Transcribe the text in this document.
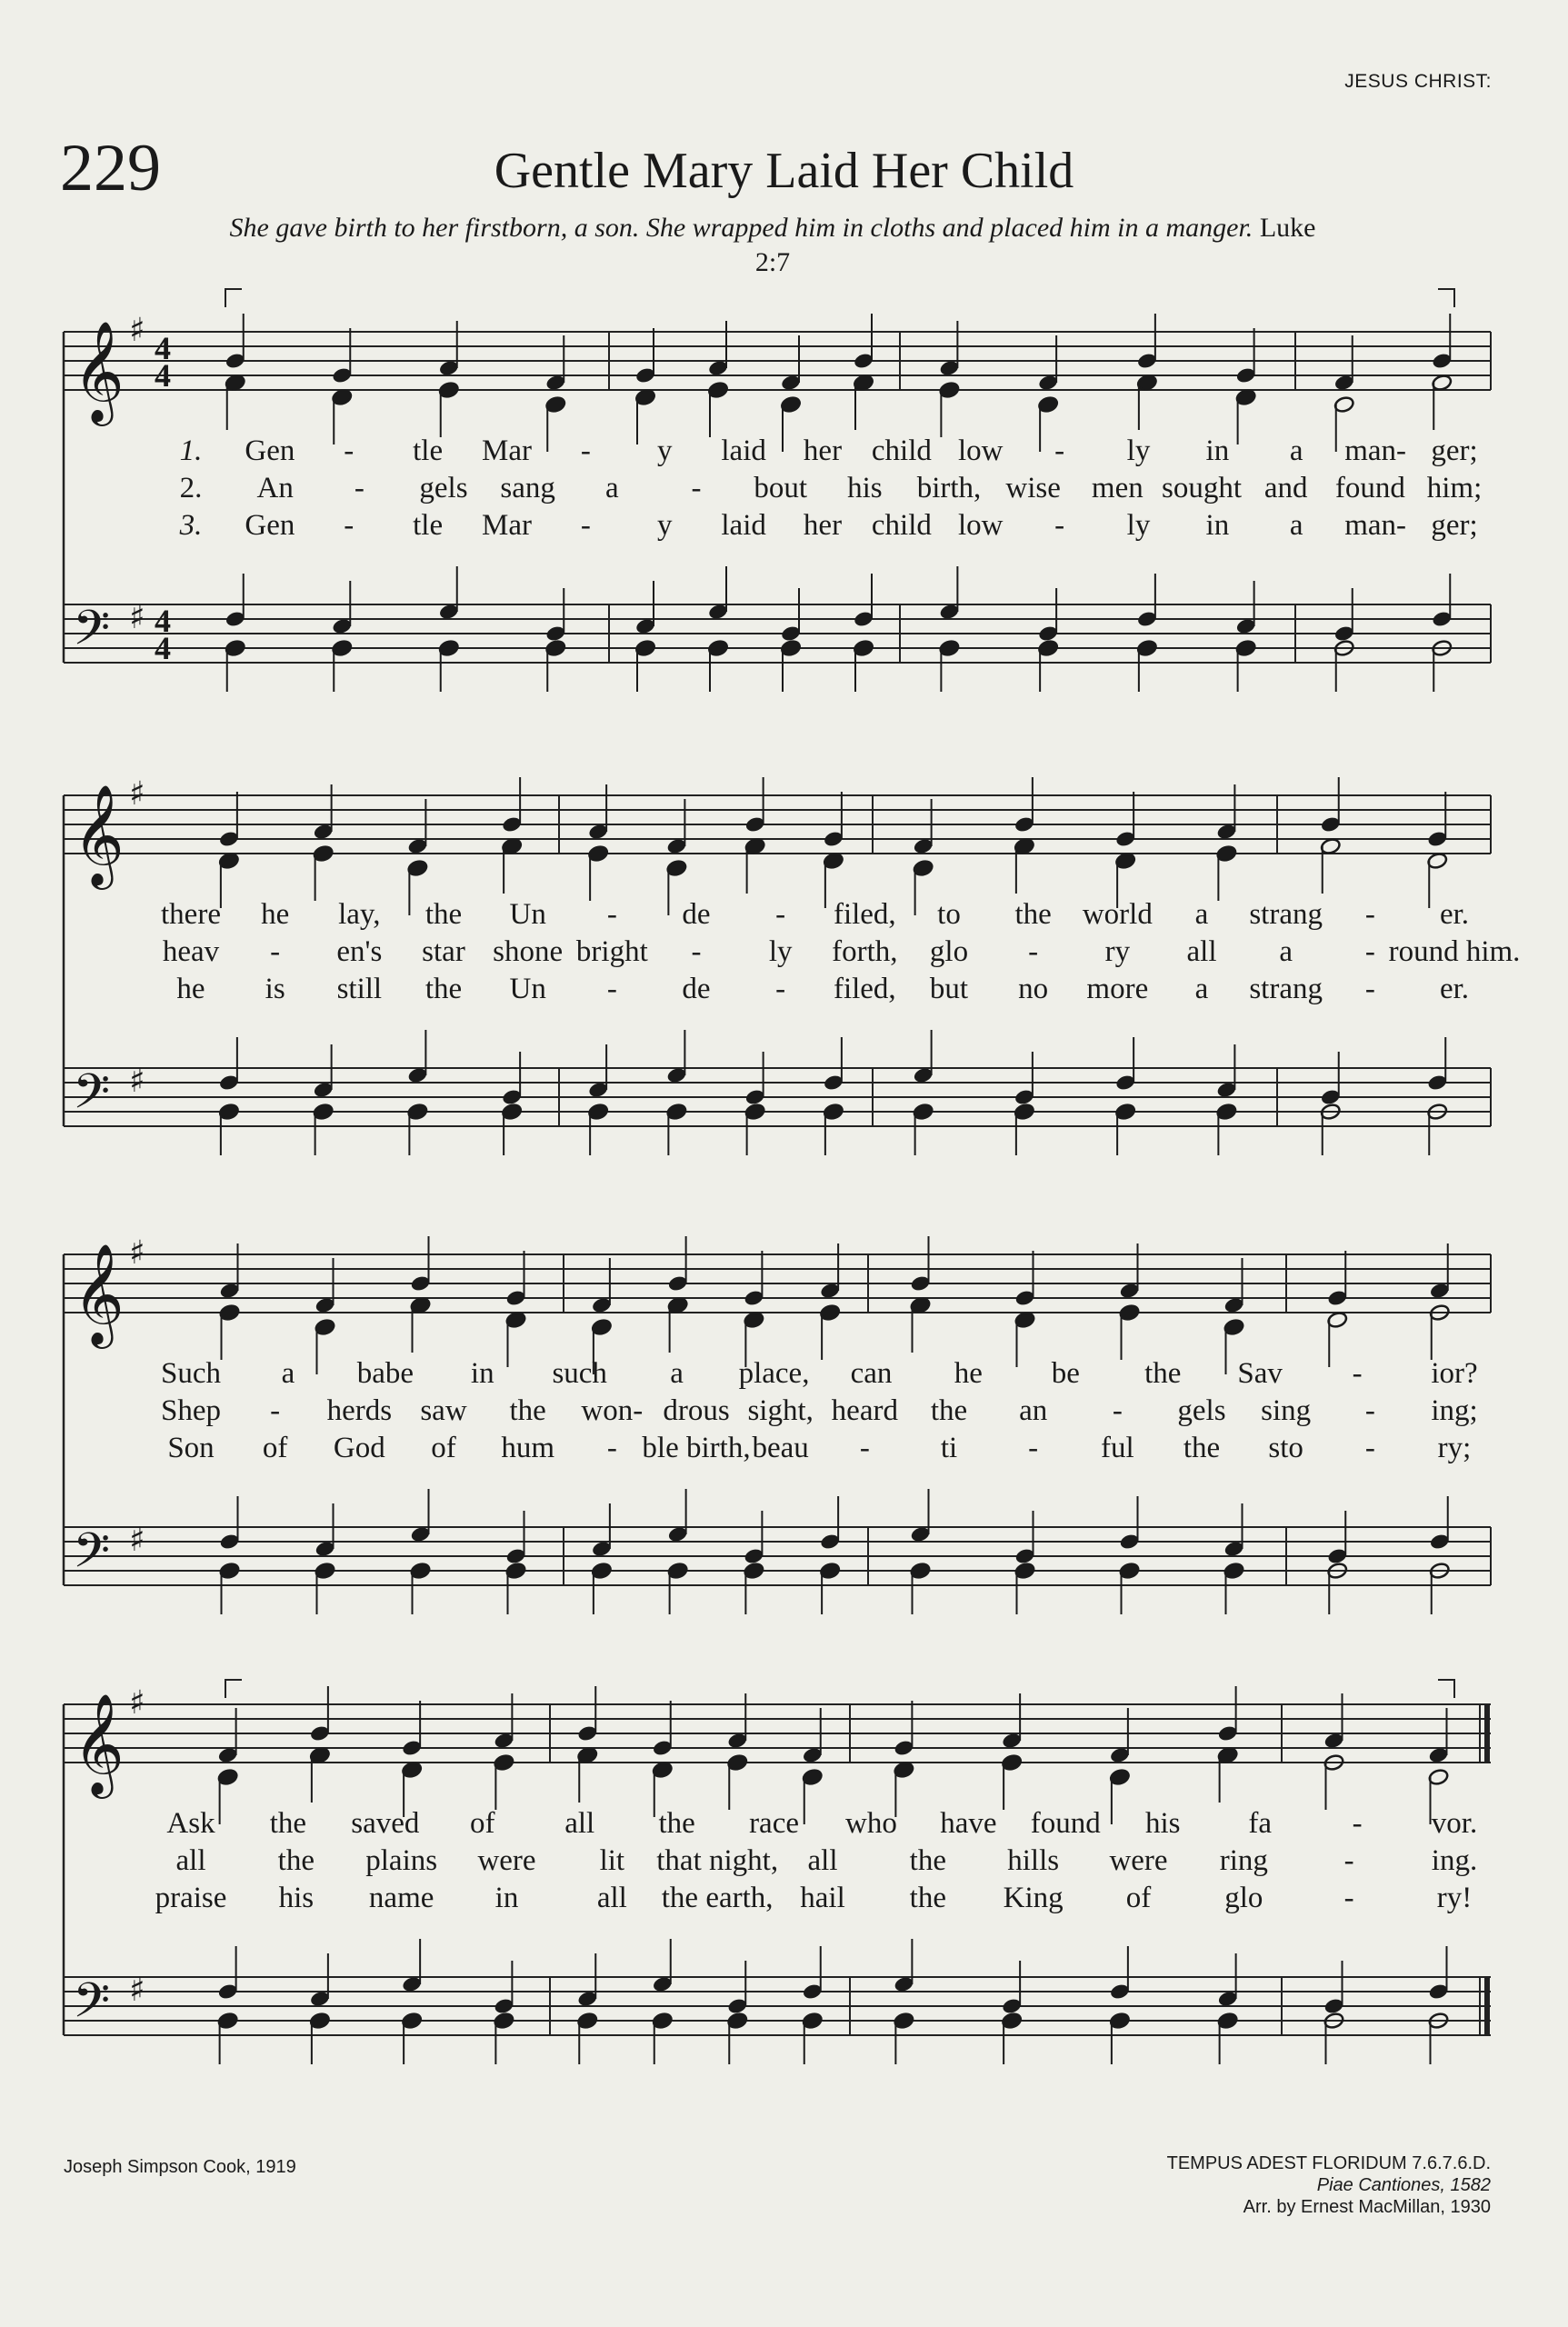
JESUS CHRIST:
229	Gentle Mary Laid Her Child
She gave birth to her firstborn, a son. She wrapped him in cloths and placed him in a manger. Luke 2:7
𝄞 ♯
𝄢 ♯
4
4
4
4
1. Gen - tle Mar - y laid her child low - ly in a man- ger;
2. An - gels sang a - bout his birth, wise men sought and found him;
3. Gen - tle Mar - y laid her child low - ly in a man- ger;
𝄞 ♯
𝄢 ♯
there he lay, the Un - de - filed, to the world a strang - er.
heav - en's star shone bright - ly forth, glo - ry all a - round him.
he is still the Un - de - filed, but no more a strang - er.
𝄞 ♯
𝄢 ♯
Such a babe in such a place, can he be the Sav - ior?
Shep - herds saw the won- drous sight, heard the an - gels sing - ing;
Son of God of hum - ble birth, beau - ti - ful the sto - ry;
𝄞 ♯
𝄢 ♯
Ask the saved of all the race who have found his fa	- vor.
all the plains were lit that night, all the hills were ring	-	ing.
praise his name in	all the earth, hail the King of glo	-	ry!
Joseph Simpson Cook, 1919	TEMPUS ADEST FLORIDUM 7.6.7.6.D.
Piae Cantiones, 1582
Arr. by Ernest MacMillan, 1930
